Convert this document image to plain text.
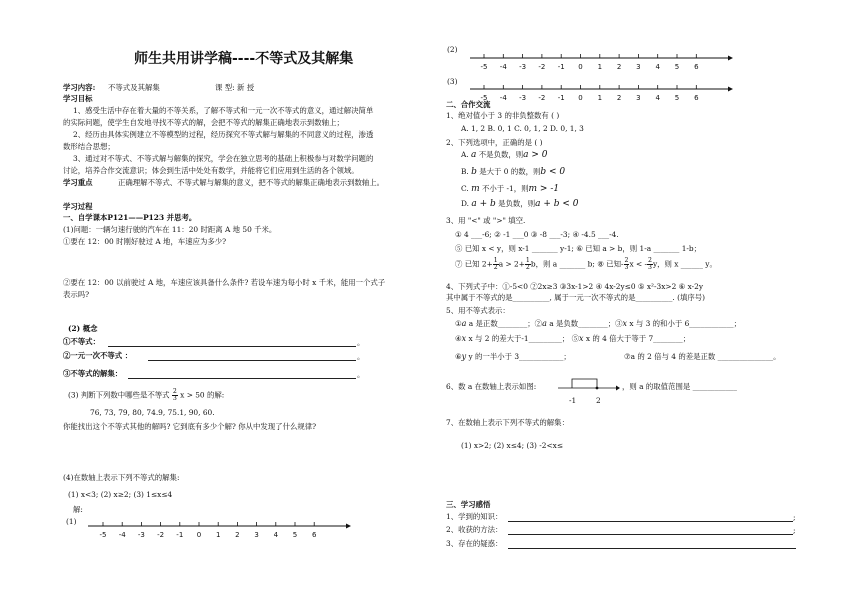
师生共用讲学稿----不等式及其解集
学习内容: 不等式及其解集	课 型: 新 授
学习目标
1、感受生活中存在着大量的不等关系，了解不等式和一元一次不等式的意义，通过解决简单
的实际问题，使学生自发地寻找不等式的解，会把不等式的解集正确地表示到数轴上；
2、经历由具体实例建立不等模型的过程，经历探究不等式解与解集的不同意义的过程，渗透
数形结合思想；
3、通过对不等式、不等式解与解集的探究，学会在独立思考的基础上积极参与对数学问题的
讨论，培养合作交流意识；体会到生活中处处有数学，并能将它们应用到生活的各个领域。
学习重点	正确理解不等式、不等式解与解集的意义，把不等式的解集正确地表示到数轴上。
学习过程
一、自学课本P121——P123 并思考。
(1)问题：一辆匀速行驶的汽车在 11：20 时距离 A 地 50 千米。
①要在 12：00 时刚好驶过 A 地，车速应为多少?
②要在 12：00 以前驶过 A 地，车速应该具备什么条件? 若设车速为每小时 x 千米，能用一个式子
表示吗?
(2) 概念
①不等式：	。
②一元一次不等式 ：	。
③不等式的解集：	。
(3) 判断下列数中哪些是不等式 $\frac{2}{3}$ x > 50 的解:
76, 73, 79, 80, 74.9, 75.1, 90, 60.
你能找出这个不等式其他的解吗? 它到底有多少个解? 你从中发现了什么规律?
(4)在数轴上表示下列不等式的解集:
(1) x<3; (2) x≥2; (3) 1≤x≤4
解:
(1)
-5 -4 -3 -2 -1 0 1 2 3 4 5 6
(2)
-5 -4 -3 -2 -1 0 1 2 3 4 5 6
(3)
-5 -4 -3 -2 -1 0 1 2 3 4 5 6
二、合作交流
1、绝对值小于 3 的非负整数有 ( )
A. 1, 2 B. 0, 1 C. 0, 1, 2 D. 0, 1, 3
2、下列选项中，正确的是 ( )
A. a 不是负数，则a > 0
B. b 是大于 0 的数，则b < 0
C. m 不小于 -1，则m > -1
D. a + b 是负数，则a + b < 0
3、用 "<" 或 ">" 填空.
① 4 ___-6; ② -1 ___0 ③ -8 ___-3; ④ -4.5 ___-4.
⑤ 已知 x < y，则 x-1 _______ y-1; ⑥ 已知 a > b，则 1-a _______ 1-b；
⑦ 已知 $2+ \frac{1}{2}$ $a > 2+ \frac{1}{2}$ b，则 a _______ b; ⑧ 已知- $\frac{2}{3}$ x < - $\frac{2}{3}$ y，则 x ______ y。
4、下列式子中：①-5<0 ②2x≥3 ③3x-1>2 ④ 4x-2y≤0 ⑤ x²-3x>2 ⑥ x-2y
其中属于不等式的是__________, 属于一元一次不等式的是__________. (填序号)
5、用不等式表示：
①a a 是正数________；②a a 是负数________；③x x 与 3 的和小于 6____________；
④x x 与 2 的差大于-1_________； ⑤x x 的 4 倍大于等于 7________；
⑥y y 的一半小于 3____________；	⑦a 的 2 倍与 4 的差是正数 _______________。
6、数 a 在数轴上表示如图:
-1	2
，则 a 的取值范围是 ____________
7、在数轴上表示下列不等式的解集：
(1) x>2; (2) x≤4; (3) -2<x≤
三、学习感悟
1、学到的知识：	;
2、收获的方法：	;
3、存在的疑惑：
